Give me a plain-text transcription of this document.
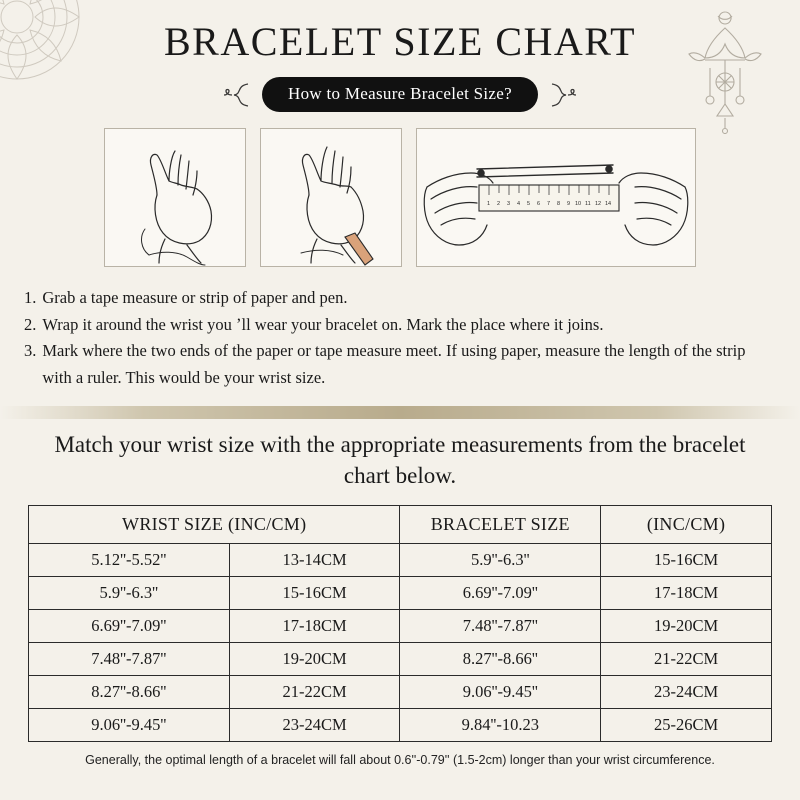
BRACELET SIZE CHART
How to Measure Bracelet Size?
1 2 3 4 5 6 7 8 9 10 11 12 14
1. Grab a tape measure or strip of paper and pen.
2. Wrap it around the wrist you ʼll wear your bracelet on. Mark the place where it joins.
3. Mark where the two ends of the paper or tape measure meet. If using paper, measure the length of the strip with a ruler. This would be your wrist size.
Match your wrist size with the appropriate measurements from the bracelet chart below.
WRIST SIZE (INC/CM)		BRACELET SIZE	(INC/CM)
5.12''-5.52''	13-14CM	5.9''-6.3''	15-16CM
5.9''-6.3''	15-16CM	6.69''-7.09''	17-18CM
6.69''-7.09''	17-18CM	7.48''-7.87''	19-20CM
7.48''-7.87''	19-20CM	8.27''-8.66''	21-22CM
8.27''-8.66''	21-22CM	9.06''-9.45''	23-24CM
9.06''-9.45''	23-24CM	9.84''-10.23	25-26CM
Generally, the optimal length of a bracelet will fall about 0.6''-0.79'' (1.5-2cm) longer than your wrist circumference.
